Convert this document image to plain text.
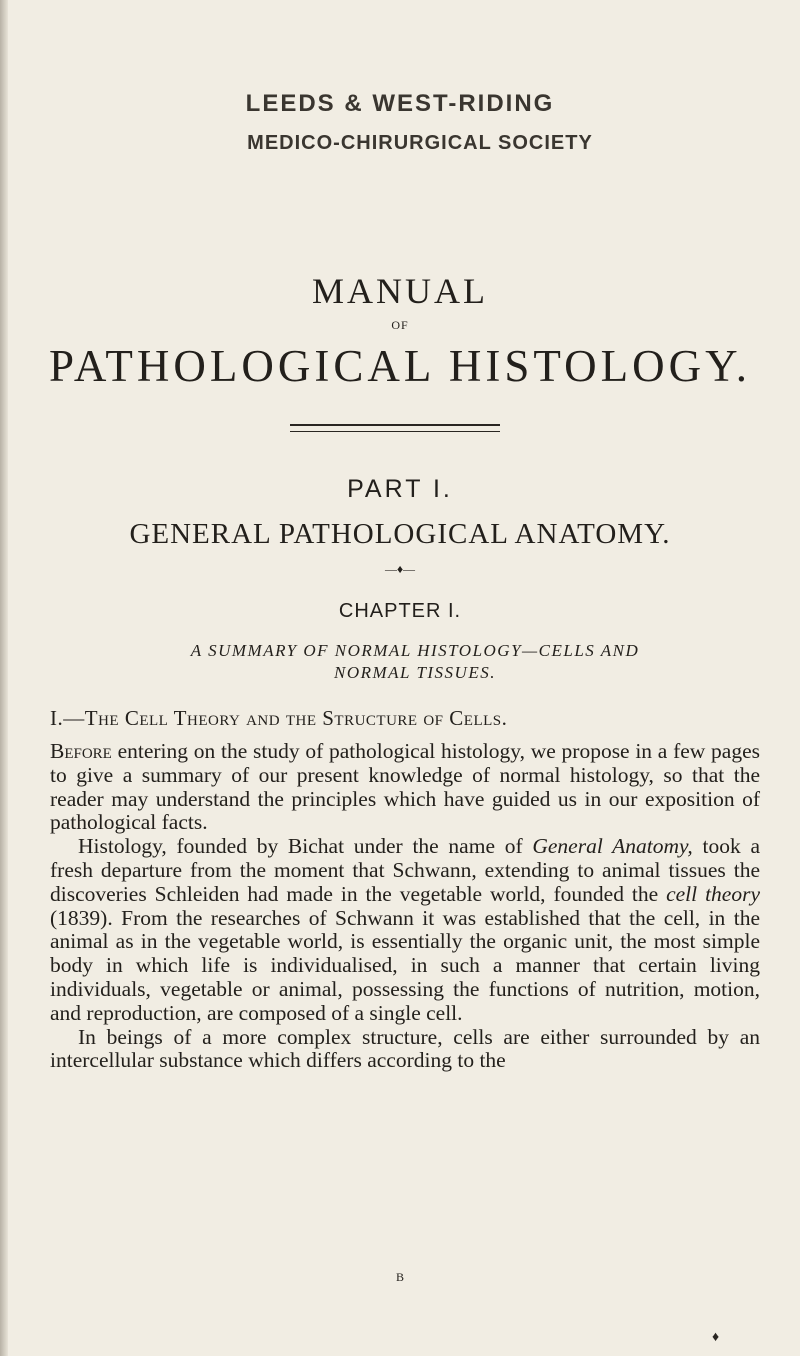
LEEDS & WEST-RIDING
MEDICO-CHIRURGICAL SOCIETY
MANUAL
OF
PATHOLOGICAL HISTOLOGY.
PART I.
GENERAL PATHOLOGICAL ANATOMY.
—♦—
CHAPTER I.
A SUMMARY OF NORMAL HISTOLOGY—CELLS AND
NORMAL TISSUES.
I.—The Cell Theory and the Structure of Cells.

Before entering on the study of pathological histology, we propose in a few pages to give a summary of our present knowledge of normal histology, so that the reader may understand the principles which have guided us in our exposition of pathological facts.

Histology, founded by Bichat under the name of General Anatomy, took a fresh departure from the moment that Schwann, extending to animal tissues the discoveries Schleiden had made in the vegetable world, founded the cell theory (1839). From the researches of Schwann it was established that the cell, in the animal as in the vegetable world, is essentially the organic unit, the most simple body in which life is individualised, in such a manner that certain living individuals, vegetable or animal, possessing the functions of nutrition, motion, and reproduction, are composed of a single cell.

In beings of a more complex structure, cells are either surrounded by an intercellular substance which differs according to the

B
♦
